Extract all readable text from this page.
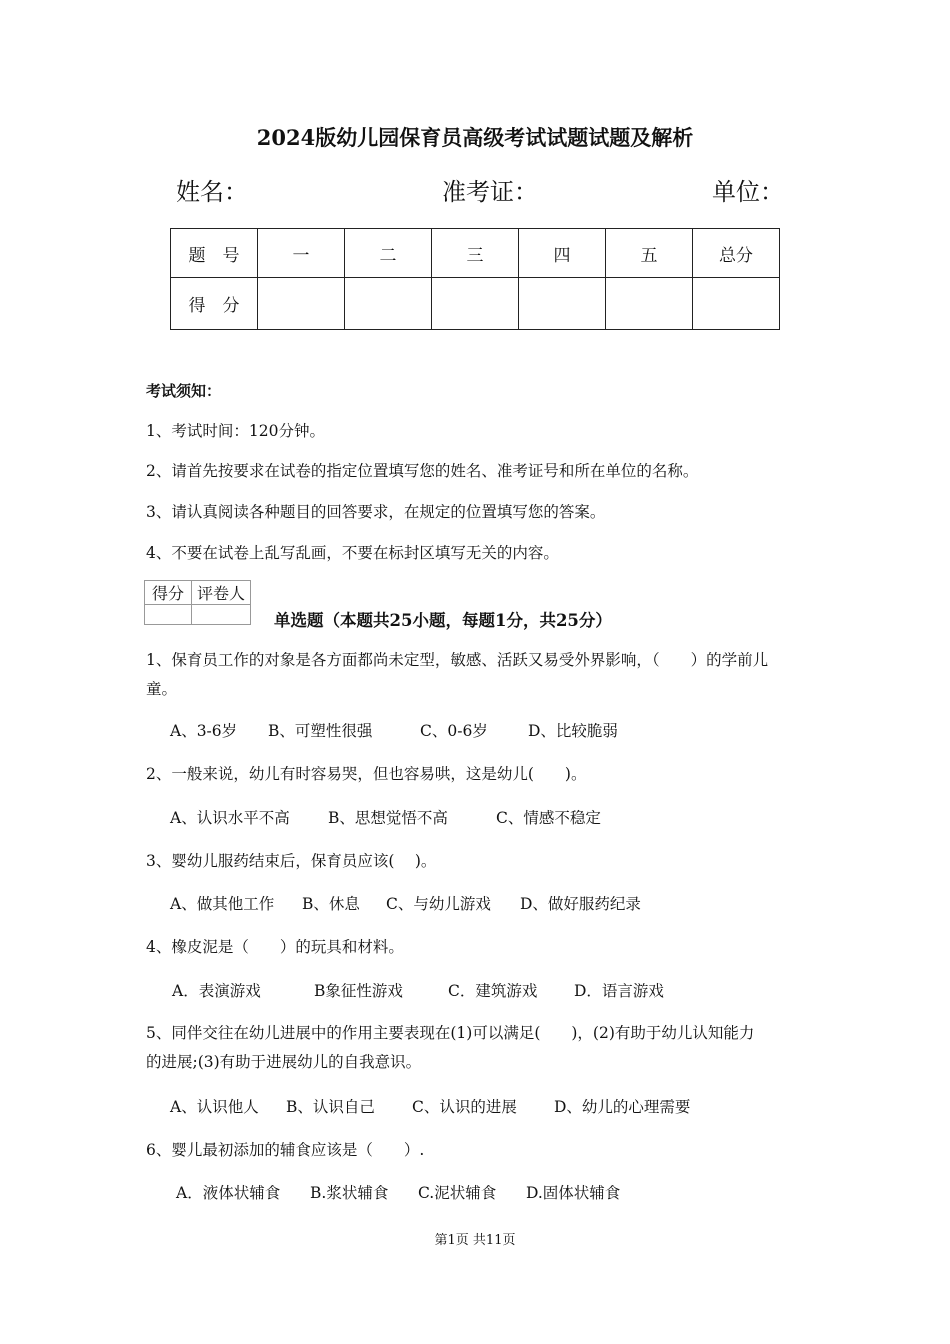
2024版幼儿园保育员高级考试试题试题及解析
姓名：	准考证：	单位：
题　号	一	二	三	四	五	总分
得　分						
考试须知：
1、考试时间：120分钟。
2、请首先按要求在试卷的指定位置填写您的姓名、准考证号和所在单位的名称。
3、请认真阅读各种题目的回答要求，在规定的位置填写您的答案。
4、不要在试卷上乱写乱画，不要在标封区填写无关的内容。
得分	评卷人

单选题（本题共25小题，每题1分，共25分）
1、保育员工作的对象是各方面都尚未定型，敏感、活跃又易受外界影响，（　　）的学前儿
童。
A、3-6岁 B、可塑性很强	C、0-6岁	D、比较脆弱
2、一般来说，幼儿有时容易哭，但也容易哄，这是幼儿(　　)。
A、认识水平不高 B、思想觉悟不高	C、情感不稳定
3、婴幼儿服药结束后，保育员应该(　 )。
A、做其他工作 B、休息 C、与幼儿游戏 D、做好服药纪录
4、橡皮泥是（　　）的玩具和材料。
A．表演游戏	B象征性游戏	C．建筑游戏 D．语言游戏
5、同伴交往在幼儿进展中的作用主要表现在(1)可以满足(　　)，(2)有助于幼儿认知能力
的进展;(3)有助于进展幼儿的自我意识。
A、认识他人 B、认识自己 C、认识的进展 D、幼儿的心理需要
6、婴儿最初添加的辅食应该是（　　）.
A．液体状辅食 B.浆状辅食 C.泥状辅食 D.固体状辅食
第1页 共11页
